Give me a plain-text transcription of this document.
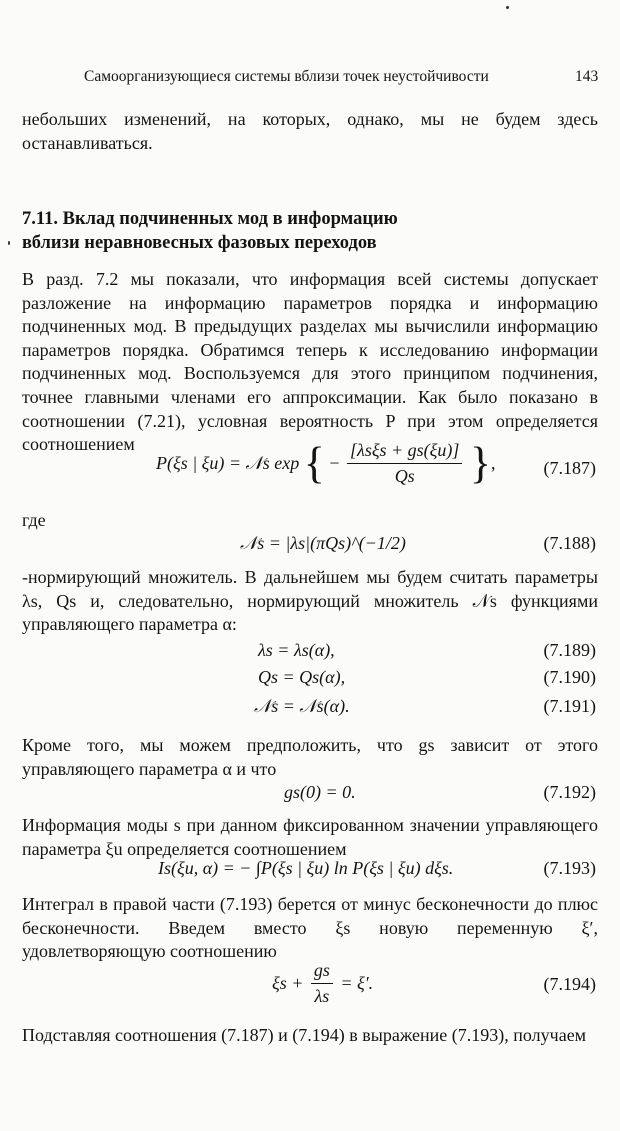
Самоорганизующиеся системы вблизи точек неустойчивости	143
небольших изменений, на которых, однако, мы не будем здесь останавливаться.
7.11. Вклад подчиненных мод в информацию
вблизи неравновесных фазовых переходов
В разд. 7.2 мы показали, что информация всей системы допускает разложение на информацию параметров порядка и информацию подчиненных мод. В предыдущих разделах мы вычислили информацию параметров порядка. Обратимся теперь к исследованию информации подчиненных мод. Воспользуемся для этого принципом подчинения, точнее главными членами его аппроксимации. Как было показано в соотношении (7.21), условная вероятность P при этом определяется соотношением
P(ξs | ξu) = 𝒩s exp { − $\frac{\text{[λsξs + gs(ξu)]}}{Qs}$ },	(7.187)
где
𝒩s = |λs|(πQs)^(−1/2)	(7.188)
-нормирующий множитель. В дальнейшем мы будем считать параметры λs, Qs и, следовательно, нормирующий множитель 𝒩s функциями управляющего параметра α:
λs = λs(α),	(7.189)
Qs = Qs(α),	(7.190)
𝒩s = 𝒩s(α).	(7.191)
Кроме того, мы можем предположить, что gs зависит от этого управляющего параметра α и что
gs(0) = 0.	(7.192)
Информация моды s при данном фиксированном значении управляющего параметра ξu определяется соотношением
Is(ξu, α) = − ∫P(ξs | ξu) ln P(ξs | ξu) dξs.	(7.193)
Интеграл в правой части (7.193) берется от минус бесконечности до плюс бесконечности. Введем вместо ξs новую переменную ξ′, удовлетворяющую соотношению
$\xi s + \frac{gs}{\lambda s} = \xi'$.	(7.194)
Подставляя соотношения (7.187) и (7.194) в выражение (7.193), получаем
